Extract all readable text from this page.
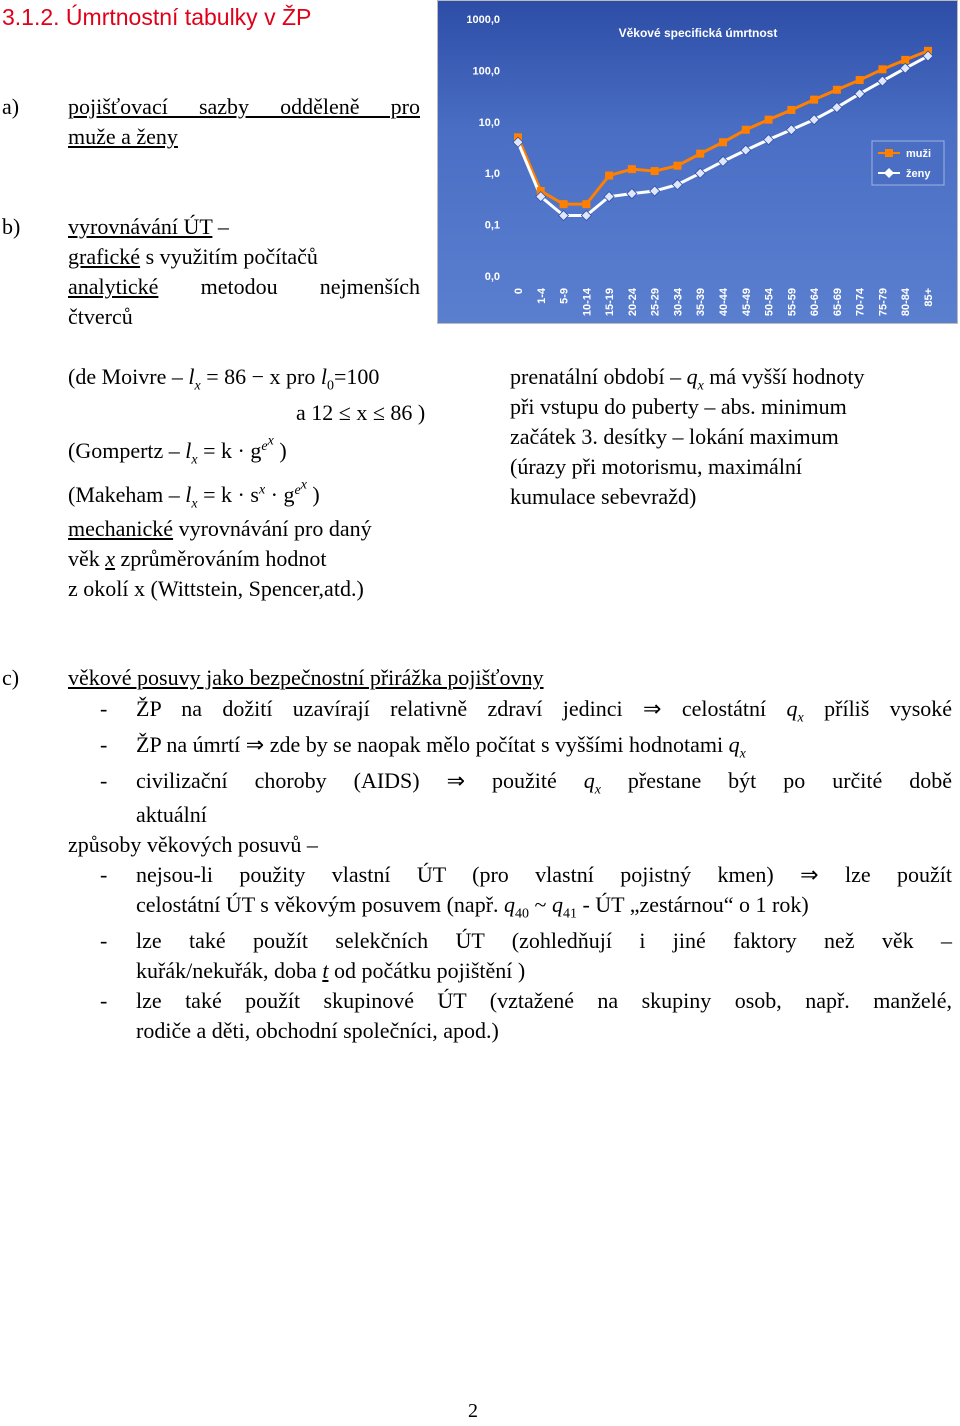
3.1.2. Úmrtnostní tabulky v ŽP
a) pojišťovací sazby odděleně pro
muže a ženy
b) vyrovnávání ÚT –
grafické s využitím počítačů
analytické metodou nejmenších
čtverců
Věkové specifická úmrtnost
1000,0
100,0
10,0
1,0
0,1
0,0
0 1-4 5-9 10-14 15-19 20-24 25-29 30-34 35-39 40-44 45-49 50-54 55-59 60-64 65-69 70-74 75-79 80-84 85+
muži
ženy
(de Moivre – $l_x = 86 - x$ pro $l_0=100$
a 12 ≤ x ≤ 86 )
(Gompertz – $l_x = k \cdot g^{e^x}$ )
(Makeham – $l_x = k \cdot s^x \cdot g^{e^x}$ )
mechanické vyrovnávání pro daný
věk x zprůměrováním hodnot
z okolí x (Wittstein, Spencer,atd.)
prenatální období – $q_x$ má vyšší hodnoty
při vstupu do puberty – abs. minimum
začátek 3. desítky – lokání maximum
(úrazy při motorismu, maximální
kumulace sebevražd)
c) věkové posuvy jako bezpečnostní přirážka pojišťovny
- ŽP na dožití uzavírají relativně zdraví jedinci ⇒ celostátní $q_x$ příliš vysoké
- ŽP na úmrtí ⇒ zde by se naopak mělo počítat s vyššími hodnotami $q_x$
- civilizační choroby (AIDS) ⇒ použité $q_x$ přestane být po určité době
aktuální
způsoby věkových posuvů –
- nejsou-li použity vlastní ÚT (pro vlastní pojistný kmen) ⇒ lze použít
celostátní ÚT s věkovým posuvem (např. $q_{40}$ ~ $q_{41}$ - ÚT „zestárnou“ o 1 rok)
- lze také použít selekčních ÚT (zohledňují i jiné faktory než věk –
kuřák/nekuřák, doba t od počátku pojištění )
- lze také použít skupinové ÚT (vztažené na skupiny osob, např. manželé,
rodiče a děti, obchodní společníci, apod.)
2
